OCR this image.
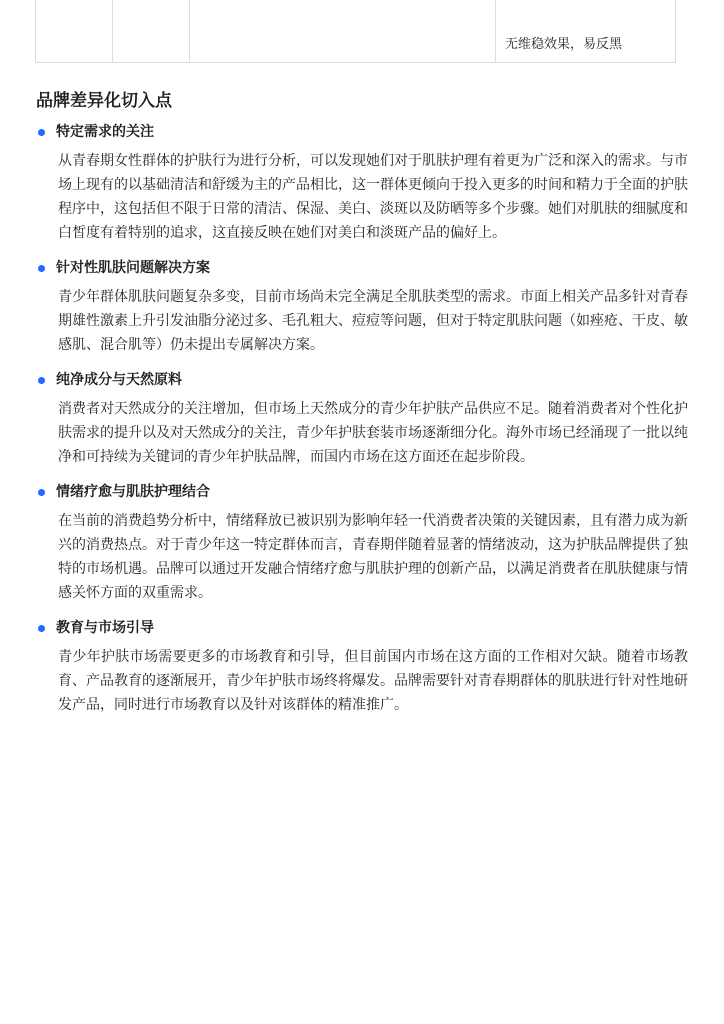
无维稳效果，易反黑
品牌差异化切入点
特定需求的关注
从青春期女性群体的护肤行为进行分析，可以发现她们对于肌肤护理有着更为广泛和深入的需求。与市场上现有的以基础清洁和舒缓为主的产品相比，这一群体更倾向于投入更多的时间和精力于全面的护肤程序中，这包括但不限于日常的清洁、保湿、美白、淡斑以及防晒等多个步骤。她们对肌肤的细腻度和白皙度有着特别的追求，这直接反映在她们对美白和淡斑产品的偏好上。
针对性肌肤问题解决方案
青少年群体肌肤问题复杂多变，目前市场尚未完全满足全肌肤类型的需求。市面上相关产品多针对青春期雄性激素上升引发油脂分泌过多、毛孔粗大、痘痘等问题，但对于特定肌肤问题（如痤疮、干皮、敏感肌、混合肌等）仍未提出专属解决方案。
纯净成分与天然原料
消费者对天然成分的关注增加，但市场上天然成分的青少年护肤产品供应不足。随着消费者对个性化护肤需求的提升以及对天然成分的关注，青少年护肤套装市场逐渐细分化。海外市场已经涌现了一批以纯净和可持续为关键词的青少年护肤品牌，而国内市场在这方面还在起步阶段。
情绪疗愈与肌肤护理结合
在当前的消费趋势分析中，情绪释放已被识别为影响年轻一代消费者决策的关键因素，且有潜力成为新兴的消费热点。对于青少年这一特定群体而言，青春期伴随着显著的情绪波动，这为护肤品牌提供了独特的市场机遇。品牌可以通过开发融合情绪疗愈与肌肤护理的创新产品，以满足消费者在肌肤健康与情感关怀方面的双重需求。
教育与市场引导
青少年护肤市场需要更多的市场教育和引导，但目前国内市场在这方面的工作相对欠缺。随着市场教育、产品教育的逐渐展开，青少年护肤市场终将爆发。品牌需要针对青春期群体的肌肤进行针对性地研发产品，同时进行市场教育以及针对该群体的精准推广。
